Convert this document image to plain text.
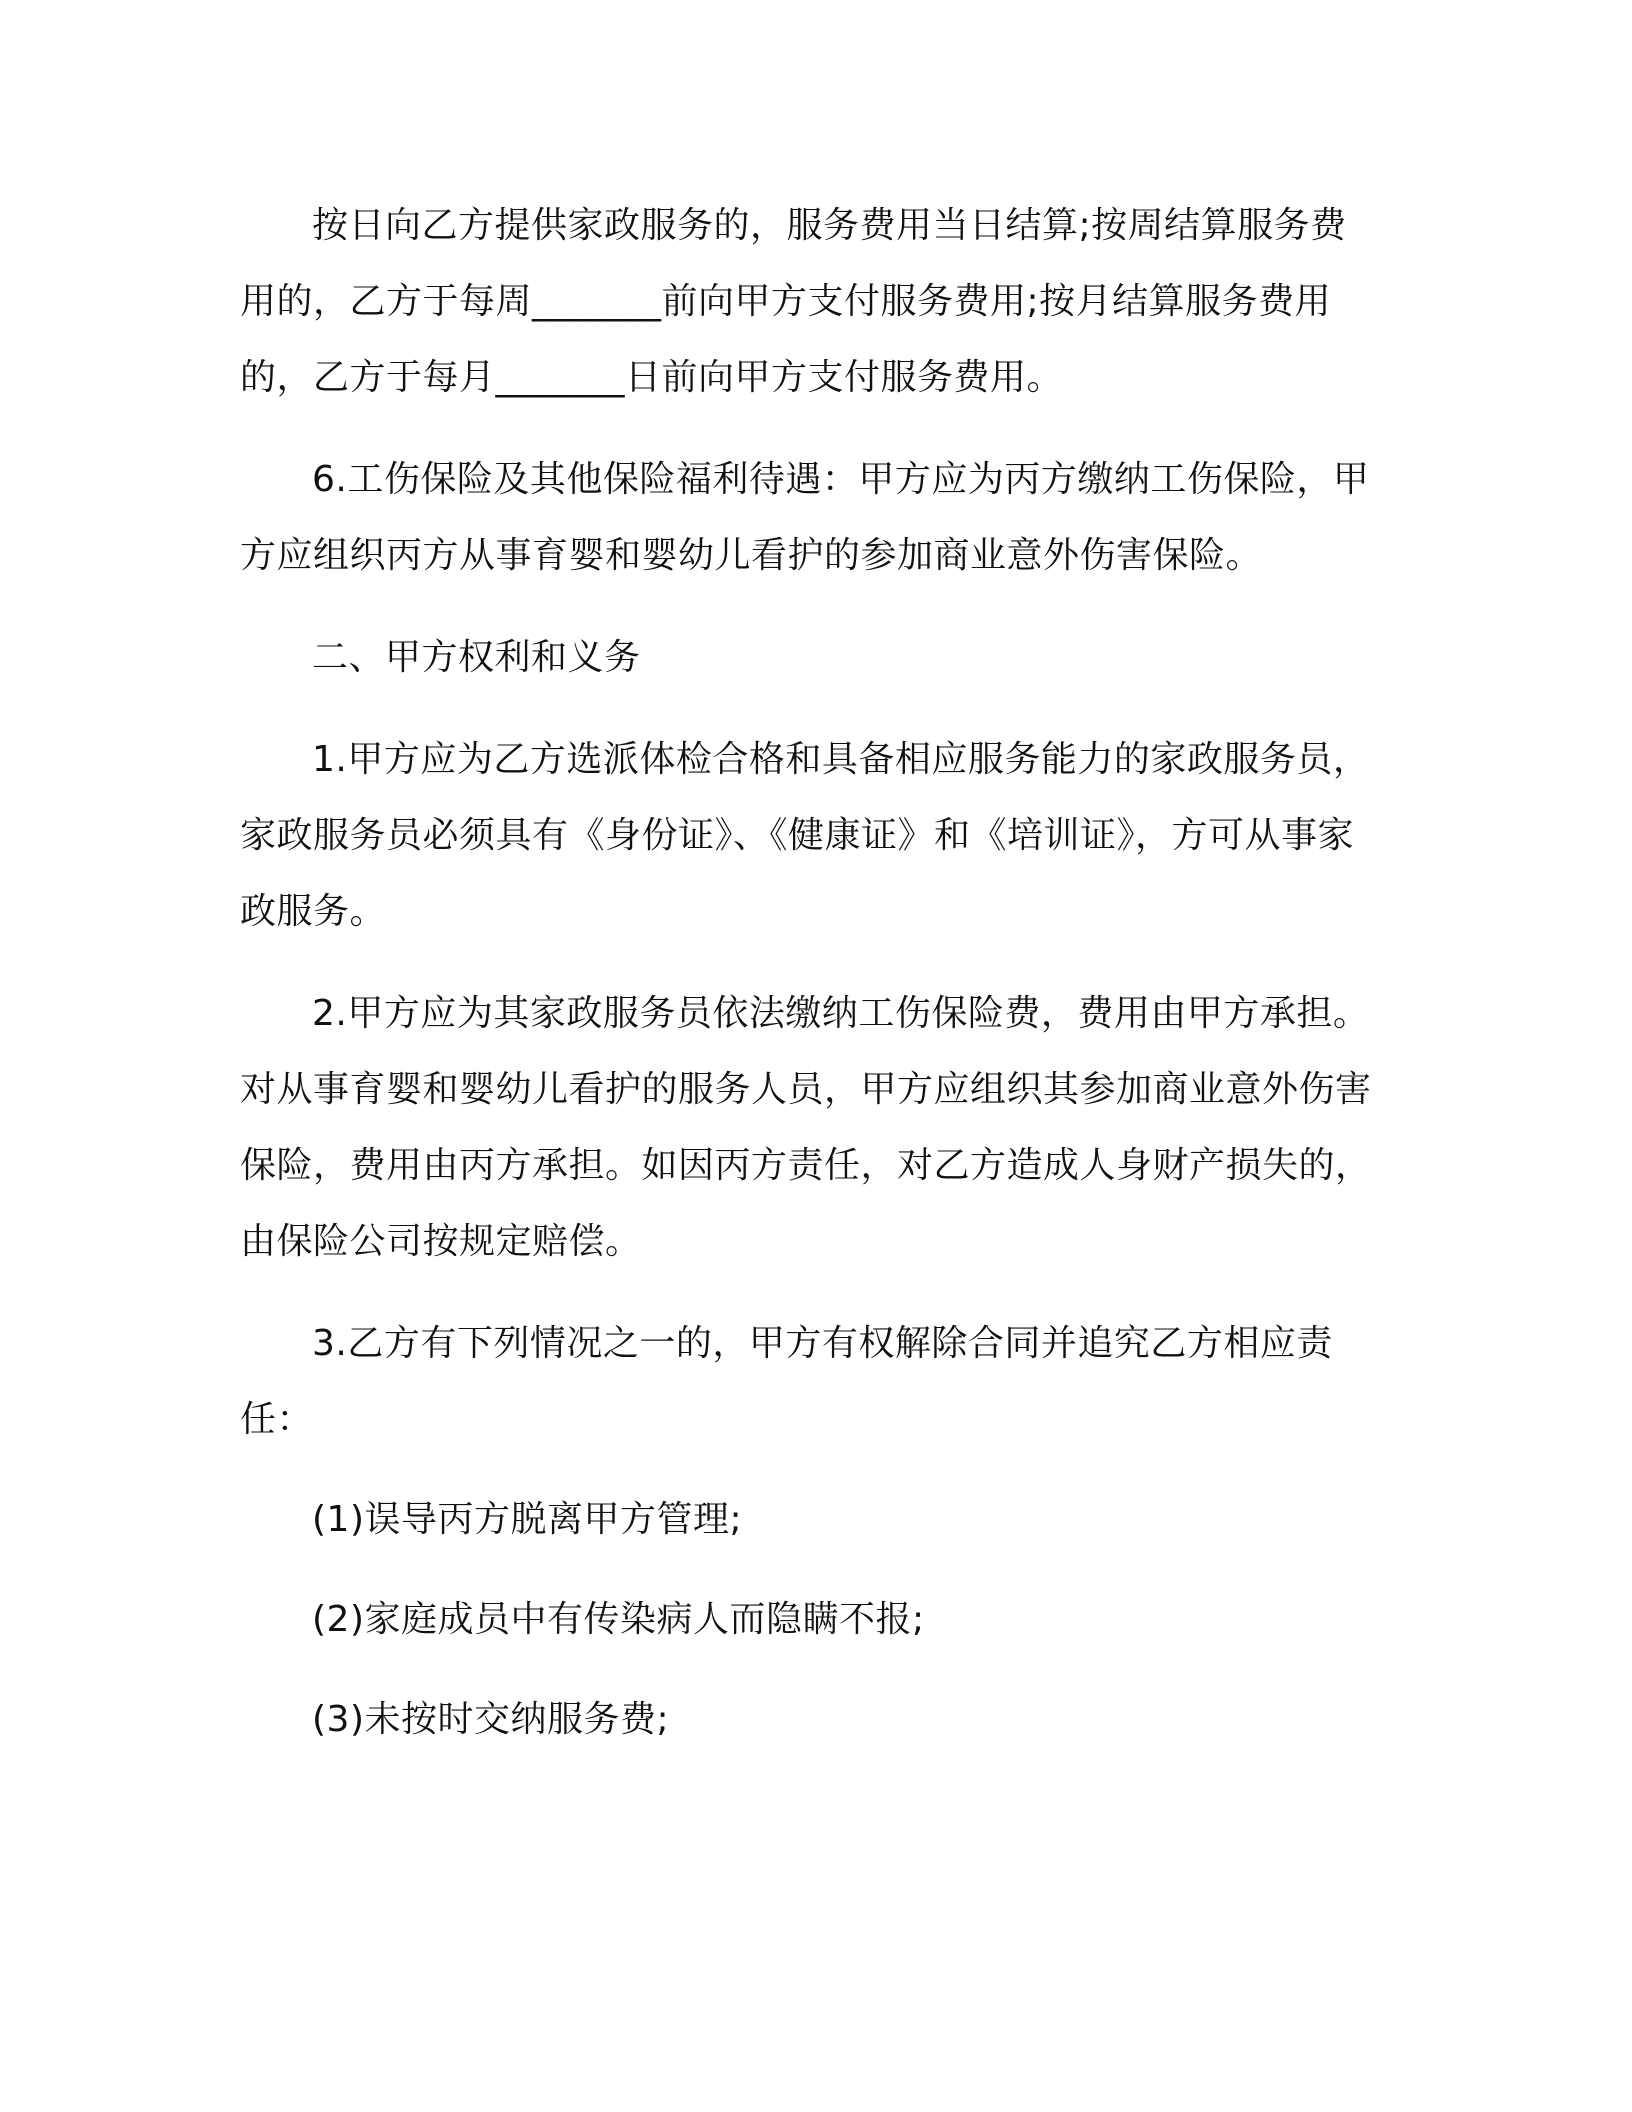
按日向乙方提供家政服务的，服务费用当日结算;按周结算服务费用的，乙方于每周_______前向甲方支付服务费用;按月结算服务费用的，乙方于每月_______日前向甲方支付服务费用。

6.工伤保险及其他保险福利待遇：甲方应为丙方缴纳工伤保险，甲方应组织丙方从事育婴和婴幼儿看护的参加商业意外伤害保险。

二、甲方权利和义务

1.甲方应为乙方选派体检合格和具备相应服务能力的家政服务员，家政服务员必须具有《身份证》、《健康证》和《培训证》，方可从事家政服务。

2.甲方应为其家政服务员依法缴纳工伤保险费，费用由甲方承担。对从事育婴和婴幼儿看护的服务人员，甲方应组织其参加商业意外伤害保险，费用由丙方承担。如因丙方责任，对乙方造成人身财产损失的，由保险公司按规定赔偿。

3.乙方有下列情况之一的，甲方有权解除合同并追究乙方相应责任：

(1)误导丙方脱离甲方管理;

(2)家庭成员中有传染病人而隐瞒不报;

(3)未按时交纳服务费;
